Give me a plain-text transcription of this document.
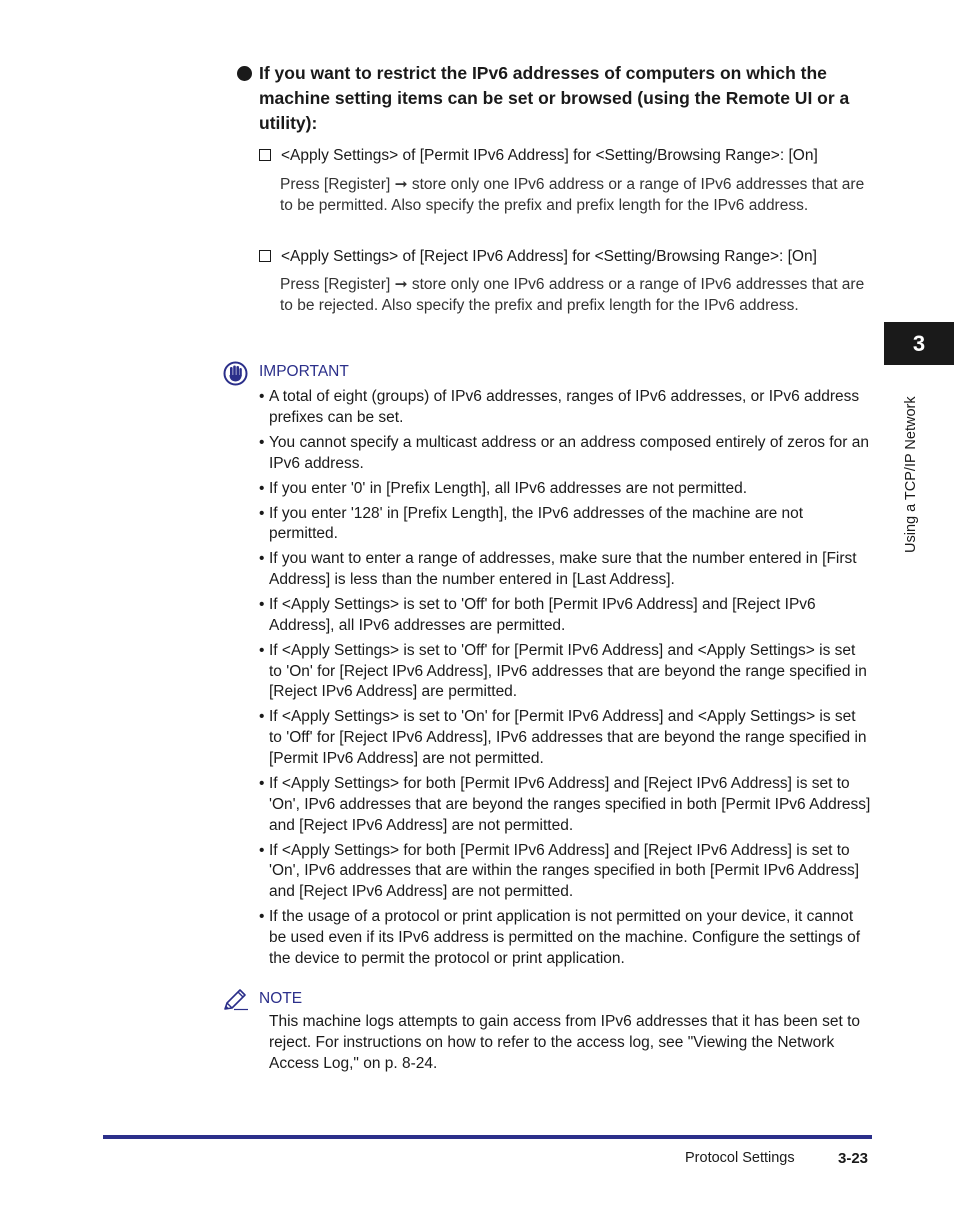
If you want to restrict the IPv6 addresses of computers on which the machine setting items can be set or browsed (using the Remote UI or a utility):
<Apply Settings> of [Permit IPv6 Address] for <Setting/Browsing Range>: [On]
Press [Register] ➞ store only one IPv6 address or a range of IPv6 addresses that are to be permitted. Also specify the prefix and prefix length for the IPv6 address.
<Apply Settings> of [Reject IPv6 Address] for <Setting/Browsing Range>: [On]
Press [Register] ➞ store only one IPv6 address or a range of IPv6 addresses that are to be rejected. Also specify the prefix and prefix length for the IPv6 address.
IMPORTANT
• A total of eight (groups) of IPv6 addresses, ranges of IPv6 addresses, or IPv6 address prefixes can be set.
• You cannot specify a multicast address or an address composed entirely of zeros for an IPv6 address.
• If you enter '0' in [Prefix Length], all IPv6 addresses are not permitted.
• If you enter '128' in [Prefix Length], the IPv6 addresses of the machine are not permitted.
• If you want to enter a range of addresses, make sure that the number entered in [First Address] is less than the number entered in [Last Address].
• If <Apply Settings> is set to 'Off' for both [Permit IPv6 Address] and [Reject IPv6 Address], all IPv6 addresses are permitted.
• If <Apply Settings> is set to 'Off' for [Permit IPv6 Address] and <Apply Settings> is set to 'On' for [Reject IPv6 Address], IPv6 addresses that are beyond the range specified in [Reject IPv6 Address] are permitted.
• If <Apply Settings> is set to 'On' for [Permit IPv6 Address] and <Apply Settings> is set to 'Off' for [Reject IPv6 Address], IPv6 addresses that are beyond the range specified in [Permit IPv6 Address] are not permitted.
• If <Apply Settings> for both [Permit IPv6 Address] and [Reject IPv6 Address] is set to 'On', IPv6 addresses that are beyond the ranges specified in both [Permit IPv6 Address] and [Reject IPv6 Address] are not permitted.
• If <Apply Settings> for both [Permit IPv6 Address] and [Reject IPv6 Address] is set to 'On', IPv6 addresses that are within the ranges specified in both [Permit IPv6 Address] and [Reject IPv6 Address] are not permitted.
• If the usage of a protocol or print application is not permitted on your device, it cannot be used even if its IPv6 address is permitted on the machine. Configure the settings of the device to permit the protocol or print application.
NOTE
This machine logs attempts to gain access from IPv6 addresses that it has been set to reject. For instructions on how to refer to the access log, see "Viewing the Network Access Log," on p. 8-24.
3
Using a TCP/IP Network
Protocol Settings	3-23
